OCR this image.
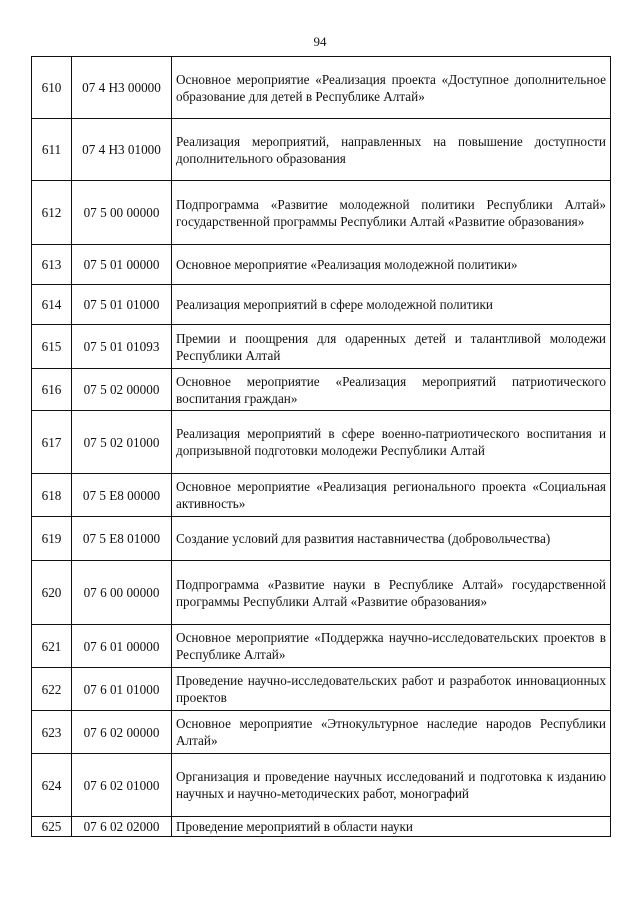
94
610	07 4 Н3 00000	Основное мероприятие «Реализация проекта «Доступное дополнительное образование для детей в Республике Алтай»
611	07 4 Н3 01000	Реализация мероприятий, направленных на повышение доступности дополнительного образования
612	07 5 00 00000	Подпрограмма «Развитие молодежной политики Республики Алтай» государственной программы Республики Алтай «Развитие образования»
613	07 5 01 00000	Основное мероприятие «Реализация молодежной политики»
614	07 5 01 01000	Реализация мероприятий в сфере молодежной политики
615	07 5 01 01093	Премии и поощрения для одаренных детей и талантливой молодежи Республики Алтай
616	07 5 02 00000	Основное мероприятие «Реализация мероприятий патриотического воспитания граждан»
617	07 5 02 01000	Реализация мероприятий в сфере военно-патриотического воспитания и допризывной подготовки молодежи Республики Алтай
618	07 5 Е8 00000	Основное мероприятие «Реализация регионального проекта «Социальная активность»
619	07 5 Е8 01000	Создание условий для развития наставничества (добровольчества)
620	07 6 00 00000	Подпрограмма «Развитие науки в Республике Алтай» государственной программы Республики Алтай «Развитие образования»
621	07 6 01 00000	Основное мероприятие «Поддержка научно-исследовательских проектов в Республике Алтай»
622	07 6 01 01000	Проведение научно-исследовательских работ и разработок инновационных проектов
623	07 6 02 00000	Основное мероприятие «Этнокультурное наследие народов Республики Алтай»
624	07 6 02 01000	Организация и проведение научных исследований и подготовка к изданию научных и научно-методических работ, монографий
625	07 6 02 02000	Проведение мероприятий в области науки
